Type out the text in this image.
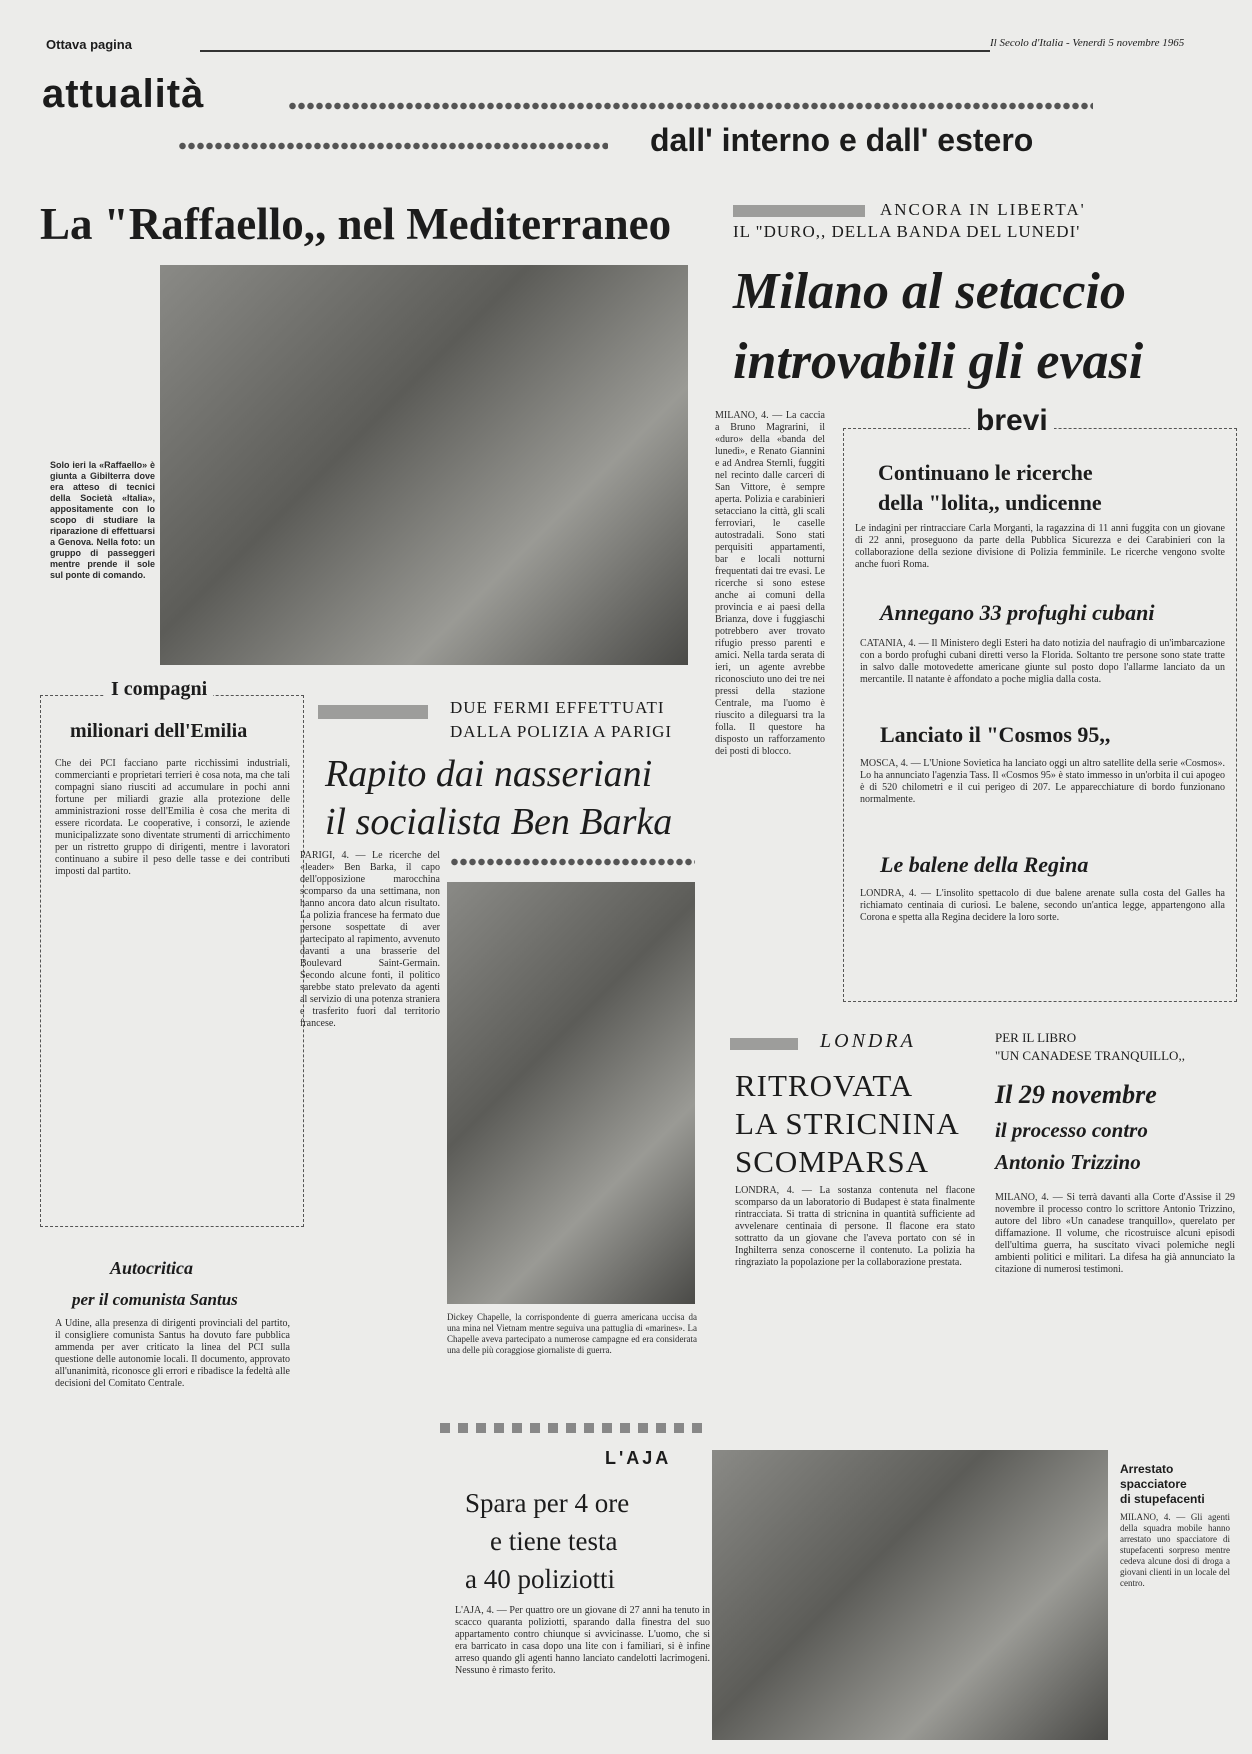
Ottava pagina	Il Secolo d'Italia - Venerdì 5 novembre 1965
attualità
dall' interno e dall' estero
La "Raffaello,, nel Mediterraneo
Solo ieri la «Raffaello» è giunta a Gibilterra dove era atteso di tecnici della Società «Italia», appositamente con lo scopo di studiare la riparazione di effettuarsi a Genova. Nella foto: un gruppo di passeggeri mentre prende il sole sul ponte di comando.
ANCORA IN LIBERTA'
IL "DURO,, DELLA BANDA DEL LUNEDI'
Milano al setaccio
introvabili gli evasi
MILANO, 4. — La caccia a Bruno Magrarini, il «duro» della «banda del lunedì», e Renato Giannini e ad Andrea Sternli, fuggiti nel recinto dalle carceri di San Vittore, è sempre aperta. Polizia e carabinieri setacciano la città, gli scali ferroviari, le caselle autostradali. Sono stati perquisiti appartamenti, bar e locali notturni frequentati dai tre evasi. Le ricerche si sono estese anche ai comuni della provincia e ai paesi della Brianza, dove i fuggiaschi potrebbero aver trovato rifugio presso parenti e amici. Nella tarda serata di ieri, un agente avrebbe riconosciuto uno dei tre nei pressi della stazione Centrale, ma l'uomo è riuscito a dileguarsi tra la folla. Il questore ha disposto un rafforzamento dei posti di blocco.
brevi
Continuano le ricerche
della "lolita,, undicenne
Le indagini per rintracciare Carla Morganti, la ragazzina di 11 anni fuggita con un giovane di 22 anni, proseguono da parte della Pubblica Sicurezza e dei Carabinieri con la collaborazione della sezione divisione di Polizia femminile. Le ricerche vengono svolte anche fuori Roma.
Annegano 33 profughi cubani
CATANIA, 4. — Il Ministero degli Esteri ha dato notizia del naufragio di un'imbarcazione con a bordo profughi cubani diretti verso la Florida. Soltanto tre persone sono state tratte in salvo dalle motovedette americane giunte sul posto dopo l'allarme lanciato da un mercantile. Il natante è affondato a poche miglia dalla costa.
Lanciato il "Cosmos 95,,
MOSCA, 4. — L'Unione Sovietica ha lanciato oggi un altro satellite della serie «Cosmos». Lo ha annunciato l'agenzia Tass. Il «Cosmos 95» è stato immesso in un'orbita il cui apogeo è di 520 chilometri e il cui perigeo di 207. Le apparecchiature di bordo funzionano normalmente.
Le balene della Regina
LONDRA, 4. — L'insolito spettacolo di due balene arenate sulla costa del Galles ha richiamato centinaia di curiosi. Le balene, secondo un'antica legge, appartengono alla Corona e spetta alla Regina decidere la loro sorte.
I compagni
milionari dell'Emilia
Che dei PCI facciano parte ricchissimi industriali, commercianti e proprietari terrieri è cosa nota, ma che tali compagni siano riusciti ad accumulare in pochi anni fortune per miliardi grazie alla protezione delle amministrazioni rosse dell'Emilia è cosa che merita di essere ricordata. Le cooperative, i consorzi, le aziende municipalizzate sono diventate strumenti di arricchimento per un ristretto gruppo di dirigenti, mentre i lavoratori continuano a subire il peso delle tasse e dei contributi imposti dal partito.
Autocritica
per il comunista Santus
A Udine, alla presenza di dirigenti provinciali del partito, il consigliere comunista Santus ha dovuto fare pubblica ammenda per aver criticato la linea del PCI sulla questione delle autonomie locali. Il documento, approvato all'unanimità, riconosce gli errori e ribadisce la fedeltà alle decisioni del Comitato Centrale.
DUE FERMI EFFETTUATI
DALLA POLIZIA A PARIGI
Rapito dai nasseriani
il socialista Ben Barka
PARIGI, 4. — Le ricerche del «leader» Ben Barka, il capo dell'opposizione marocchina scomparso da una settimana, non hanno ancora dato alcun risultato. La polizia francese ha fermato due persone sospettate di aver partecipato al rapimento, avvenuto davanti a una brasserie del Boulevard Saint-Germain. Secondo alcune fonti, il politico sarebbe stato prelevato da agenti al servizio di una potenza straniera e trasferito fuori dal territorio francese.
Dickey Chapelle, la corrispondente di guerra americana uccisa da una mina nel Vietnam mentre seguiva una pattuglia di «marines». La Chapelle aveva partecipato a numerose campagne ed era considerata una delle più coraggiose giornaliste di guerra.
LONDRA
RITROVATA
LA STRICNINA
SCOMPARSA
LONDRA, 4. — La sostanza contenuta nel flacone scomparso da un laboratorio di Budapest è stata finalmente rintracciata. Si tratta di stricnina in quantità sufficiente ad avvelenare centinaia di persone. Il flacone era stato sottratto da un giovane che l'aveva portato con sé in Inghilterra senza conoscerne il contenuto. La polizia ha ringraziato la popolazione per la collaborazione prestata.
PER IL LIBRO
"UN CANADESE TRANQUILLO,,
Il 29 novembre
il processo contro
Antonio Trizzino
MILANO, 4. — Si terrà davanti alla Corte d'Assise il 29 novembre il processo contro lo scrittore Antonio Trizzino, autore del libro «Un canadese tranquillo», querelato per diffamazione. Il volume, che ricostruisce alcuni episodi dell'ultima guerra, ha suscitato vivaci polemiche negli ambienti politici e militari. La difesa ha già annunciato la citazione di numerosi testimoni.
L'AJA
Spara per 4 ore
e tiene testa
a 40 poliziotti
L'AJA, 4. — Per quattro ore un giovane di 27 anni ha tenuto in scacco quaranta poliziotti, sparando dalla finestra del suo appartamento contro chiunque si avvicinasse. L'uomo, che si era barricato in casa dopo una lite con i familiari, si è infine arreso quando gli agenti hanno lanciato candelotti lacrimogeni. Nessuno è rimasto ferito.
Arrestato
spacciatore
di stupefacenti
MILANO, 4. — Gli agenti della squadra mobile hanno arrestato uno spacciatore di stupefacenti sorpreso mentre cedeva alcune dosi di droga a giovani clienti in un locale del centro.
